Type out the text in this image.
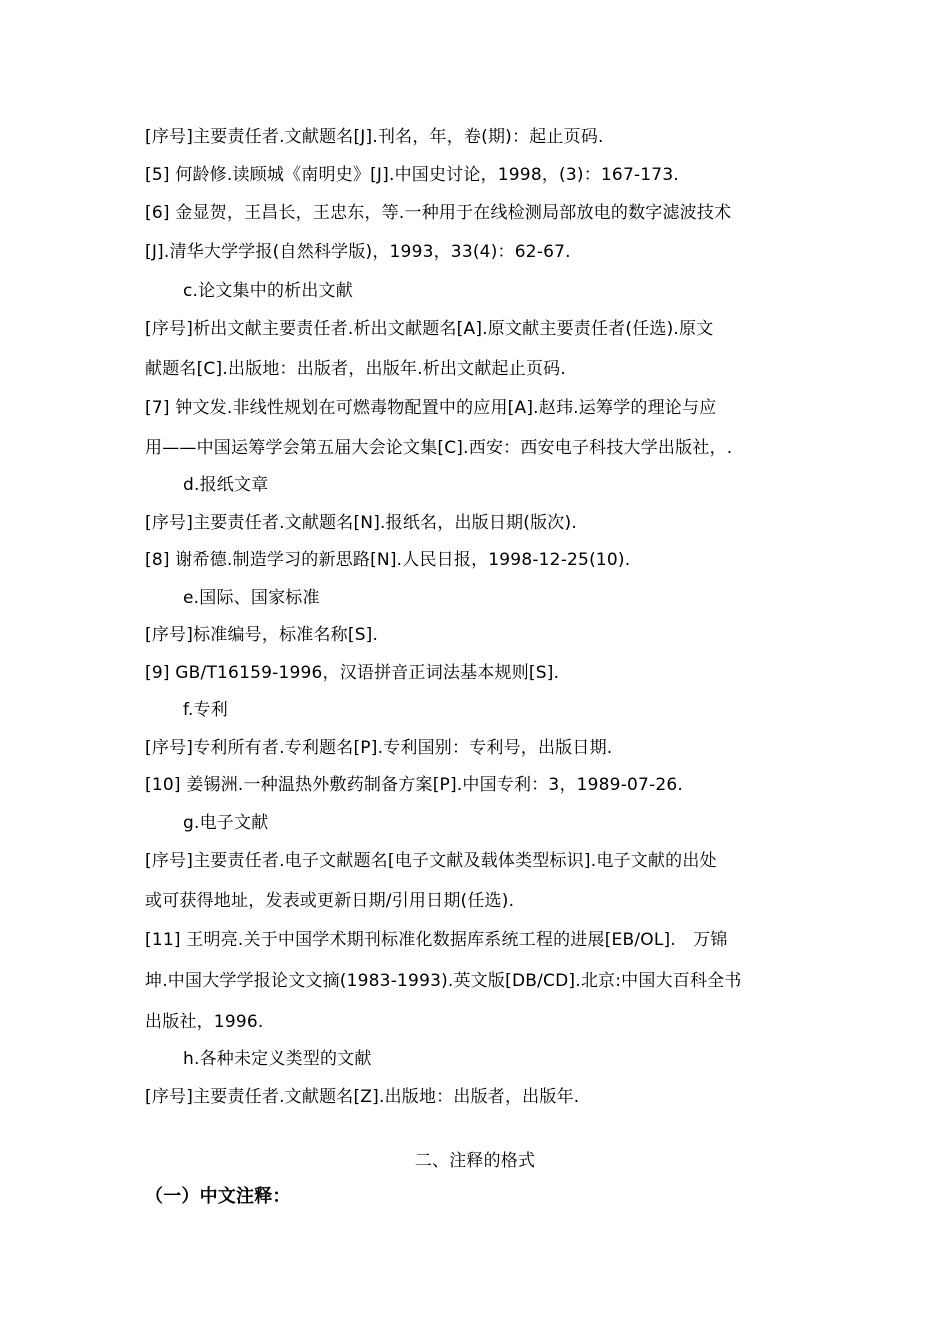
[序号]主要责任者.文献题名[J].刊名，年，卷(期)：起止页码.
[5] 何龄修.读顾城《南明史》[J].中国史讨论，1998，(3)：167-173.
[6] 金显贺，王昌长，王忠东，等.一种用于在线检测局部放电的数字滤波技术
[J].清华大学学报(自然科学版)，1993，33(4)：62-67.
c.论文集中的析出文献
[序号]析出文献主要责任者.析出文献题名[A].原文献主要责任者(任选).原文
献题名[C].出版地：出版者，出版年.析出文献起止页码.
[7] 钟文发.非线性规划在可燃毒物配置中的应用[A].赵玮.运筹学的理论与应
用——中国运筹学会第五届大会论文集[C].西安：西安电子科技大学出版社，.
d.报纸文章
[序号]主要责任者.文献题名[N].报纸名，出版日期(版次).
[8] 谢希德.制造学习的新思路[N].人民日报，1998-12-25(10).
e.国际、国家标准
[序号]标准编号，标准名称[S].
[9] GB/T16159-1996，汉语拼音正词法基本规则[S].
f.专利
[序号]专利所有者.专利题名[P].专利国别：专利号，出版日期.
[10] 姜锡洲.一种温热外敷药制备方案[P].中国专利：3，1989-07-26.
g.电子文献
[序号]主要责任者.电子文献题名[电子文献及载体类型标识].电子文献的出处
或可获得地址，发表或更新日期/引用日期(任选).
[11] 王明亮.关于中国学术期刊标准化数据库系统工程的进展[EB/OL].　万锦
坤.中国大学学报论文文摘(1983-1993).英文版[DB/CD].北京:中国大百科全书
出版社，1996.
h.各种未定义类型的文献
[序号]主要责任者.文献题名[Z].出版地：出版者，出版年.
二、注释的格式
（一）中文注释：
